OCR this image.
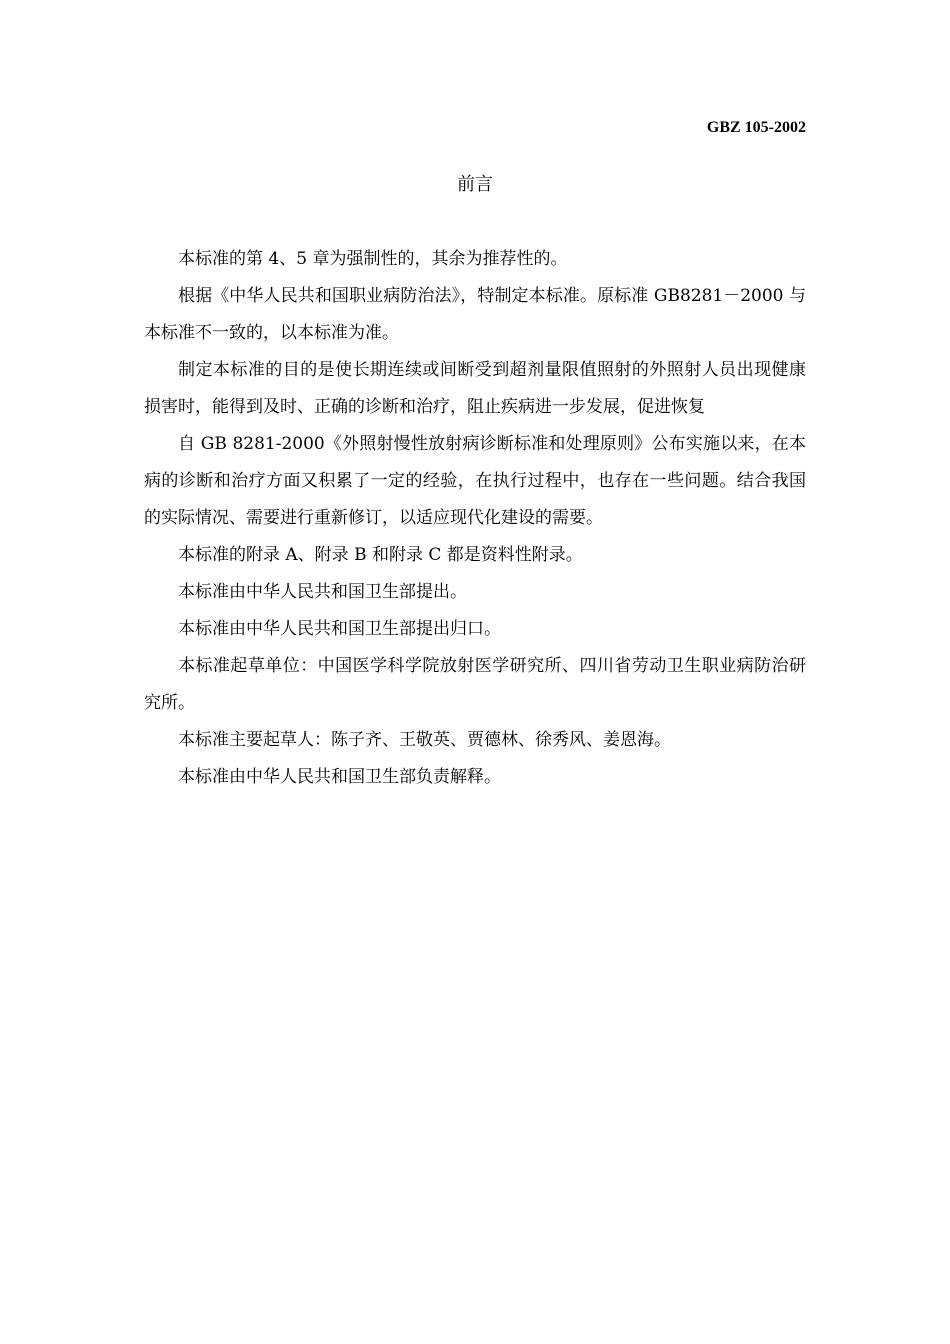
GBZ 105-2002
前言

本标准的第 4、5 章为强制性的，其余为推荐性的。

根据《中华人民共和国职业病防治法》，特制定本标准。原标准 GB8281－2000 与本标准不一致的，以本标准为准。

制定本标准的目的是使长期连续或间断受到超剂量限值照射的外照射人员出现健康损害时，能得到及时、正确的诊断和治疗，阻止疾病进一步发展，促进恢复

自 GB 8281-2000《外照射慢性放射病诊断标准和处理原则》公布实施以来，在本病的诊断和治疗方面又积累了一定的经验，在执行过程中，也存在一些问题。结合我国的实际情况、需要进行重新修订，以适应现代化建设的需要。

本标准的附录 A、附录 B 和附录 C 都是资料性附录。

本标准由中华人民共和国卫生部提出。

本标准由中华人民共和国卫生部提出归口。

本标准起草单位：中国医学科学院放射医学研究所、四川省劳动卫生职业病防治研究所。

本标准主要起草人：陈子齐、王敬英、贾德林、徐秀风、姜恩海。

本标准由中华人民共和国卫生部负责解释。
